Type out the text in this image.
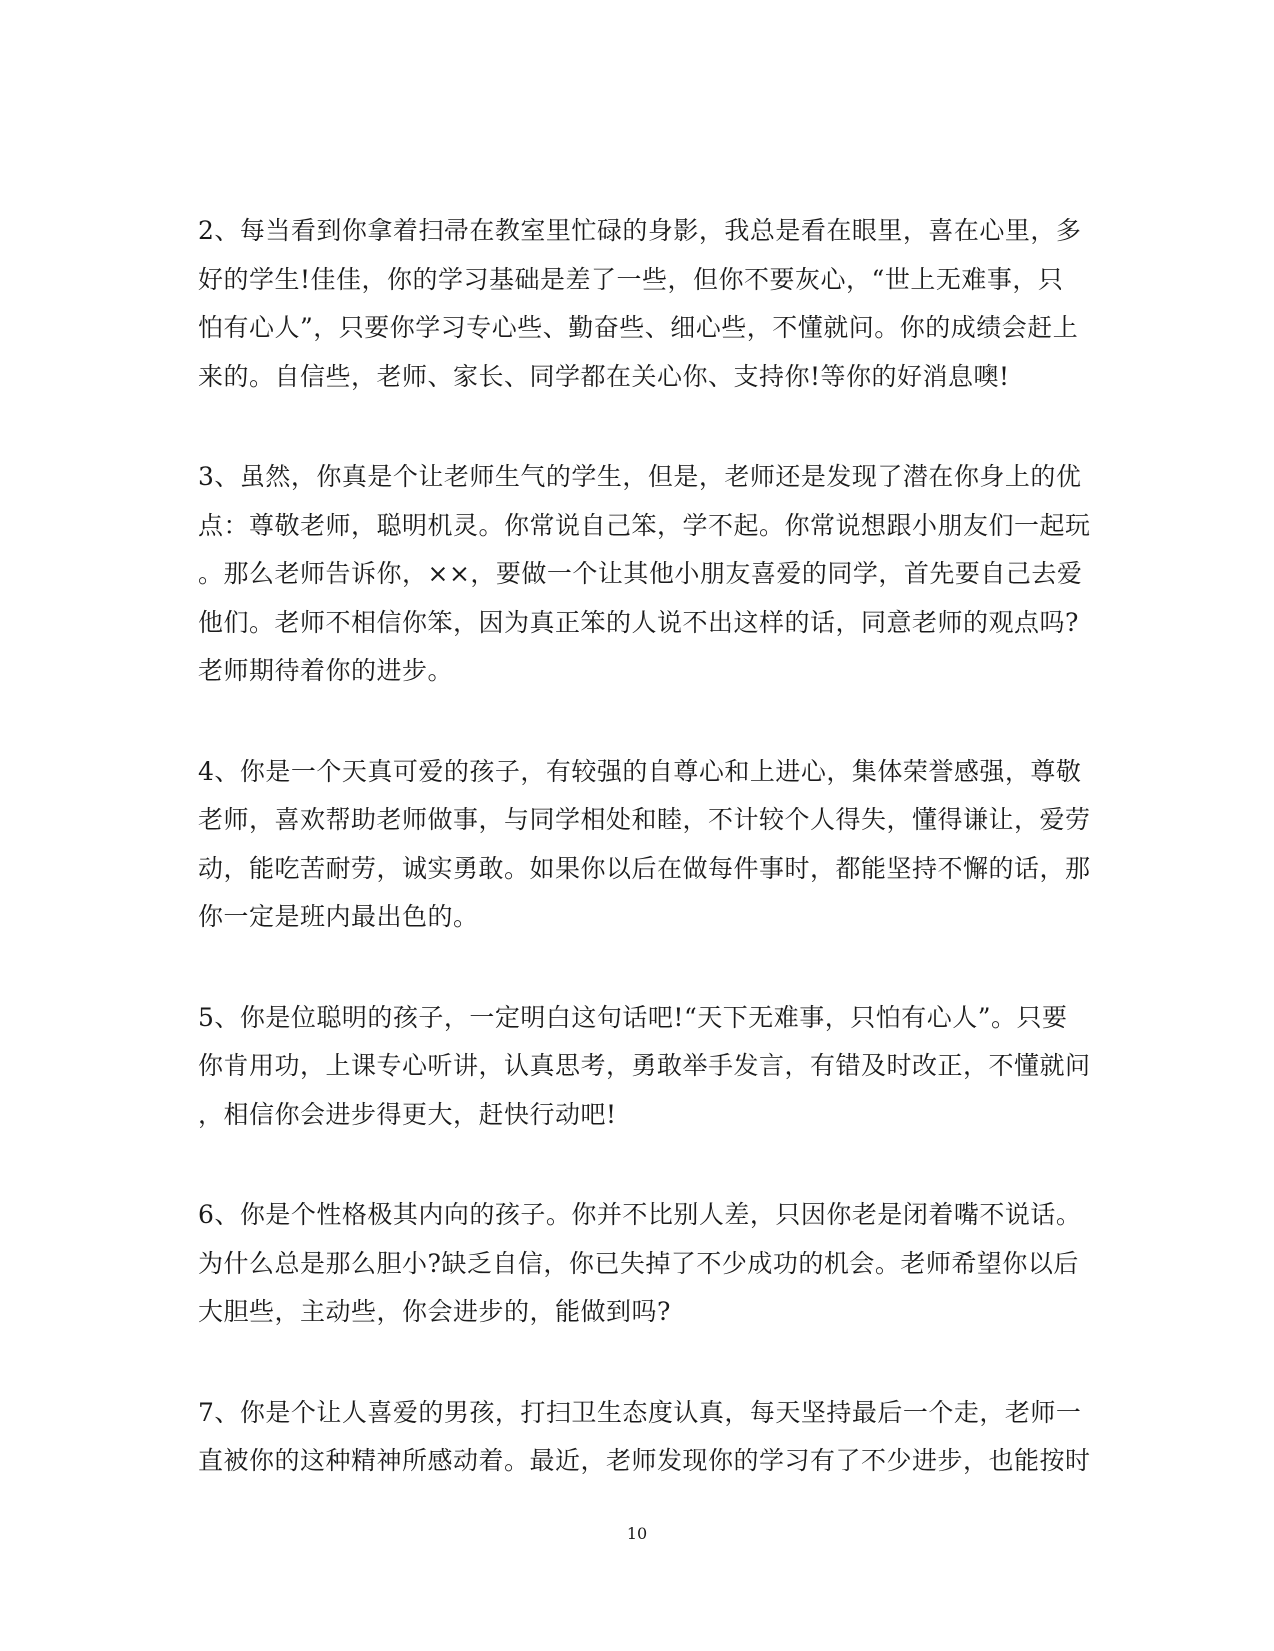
2、每当看到你拿着扫帚在教室里忙碌的身影，我总是看在眼里，喜在心里，多
好的学生!佳佳，你的学习基础是差了一些，但你不要灰心，“世上无难事，只
怕有心人”，只要你学习专心些、勤奋些、细心些，不懂就问。你的成绩会赶上
来的。自信些，老师、家长、同学都在关心你、支持你!等你的好消息噢!
3、虽然，你真是个让老师生气的学生，但是，老师还是发现了潜在你身上的优
点：尊敬老师，聪明机灵。你常说自己笨，学不起。你常说想跟小朋友们一起玩
。那么老师告诉你，××，要做一个让其他小朋友喜爱的同学，首先要自己去爱
他们。老师不相信你笨，因为真正笨的人说不出这样的话，同意老师的观点吗?
老师期待着你的进步。
4、你是一个天真可爱的孩子，有较强的自尊心和上进心，集体荣誉感强，尊敬
老师，喜欢帮助老师做事，与同学相处和睦，不计较个人得失，懂得谦让，爱劳
动，能吃苦耐劳，诚实勇敢。如果你以后在做每件事时，都能坚持不懈的话，那
你一定是班内最出色的。
5、你是位聪明的孩子，一定明白这句话吧!“天下无难事，只怕有心人”。只要
你肯用功，上课专心听讲，认真思考，勇敢举手发言，有错及时改正，不懂就问
，相信你会进步得更大，赶快行动吧!
6、你是个性格极其内向的孩子。你并不比别人差，只因你老是闭着嘴不说话。
为什么总是那么胆小?缺乏自信，你已失掉了不少成功的机会。老师希望你以后
大胆些，主动些，你会进步的，能做到吗?
7、你是个让人喜爱的男孩，打扫卫生态度认真，每天坚持最后一个走，老师一
直被你的这种精神所感动着。最近，老师发现你的学习有了不少进步，也能按时
10
